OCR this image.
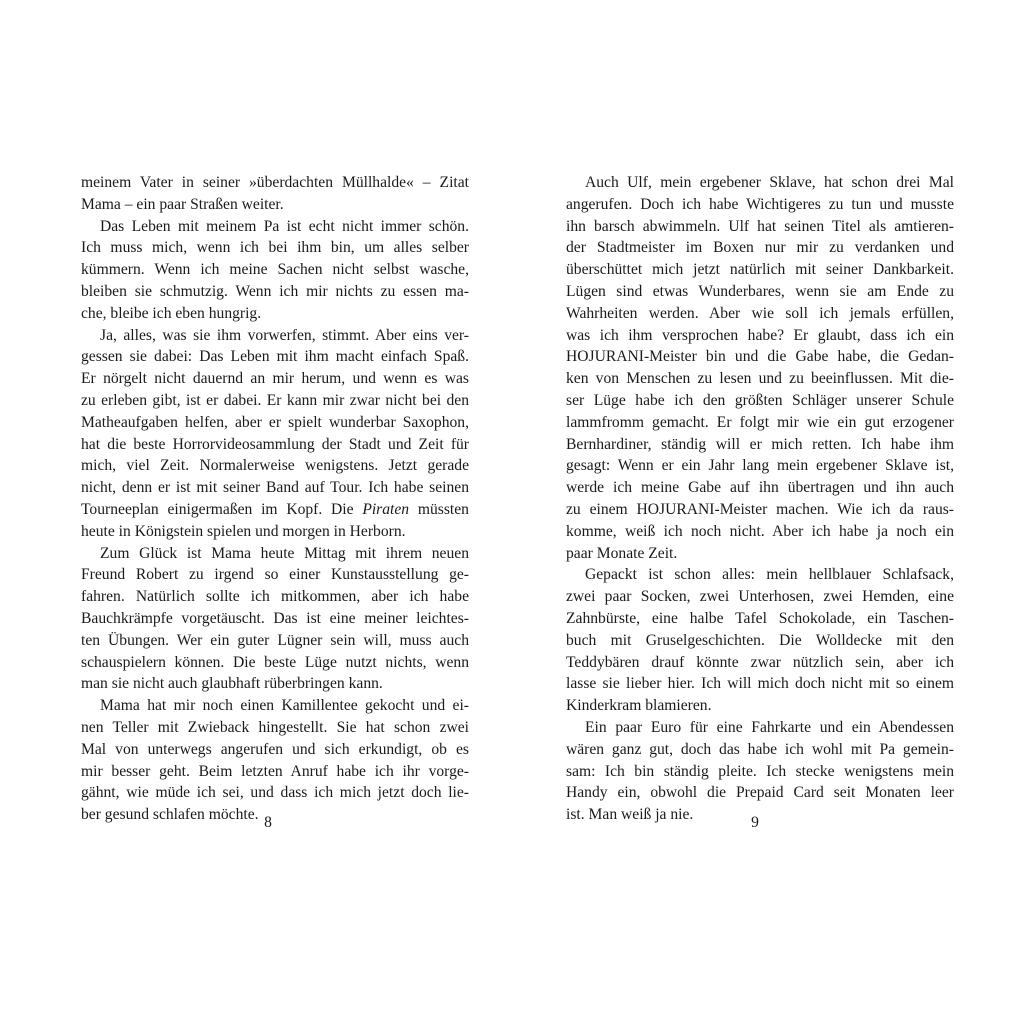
meinem Vater in seiner »überdachten Müllhalde« – Zitat
Mama – ein paar Straßen weiter.
Das Leben mit meinem Pa ist echt nicht immer schön.
Ich muss mich, wenn ich bei ihm bin, um alles selber
kümmern. Wenn ich meine Sachen nicht selbst wasche,
bleiben sie schmutzig. Wenn ich mir nichts zu essen ma-
che, bleibe ich eben hungrig.
Ja, alles, was sie ihm vorwerfen, stimmt. Aber eins ver-
gessen sie dabei: Das Leben mit ihm macht einfach Spaß.
Er nörgelt nicht dauernd an mir herum, und wenn es was
zu erleben gibt, ist er dabei. Er kann mir zwar nicht bei den
Matheaufgaben helfen, aber er spielt wunderbar Saxophon,
hat die beste Horrorvideosammlung der Stadt und Zeit für
mich, viel Zeit. Normalerweise wenigstens. Jetzt gerade
nicht, denn er ist mit seiner Band auf Tour. Ich habe seinen
Tourneeplan einigermaßen im Kopf. Die Piraten müssten
heute in Königstein spielen und morgen in Herborn.
Zum Glück ist Mama heute Mittag mit ihrem neuen
Freund Robert zu irgend so einer Kunstausstellung ge-
fahren. Natürlich sollte ich mitkommen, aber ich habe
Bauchkrämpfe vorgetäuscht. Das ist eine meiner leichtes-
ten Übungen. Wer ein guter Lügner sein will, muss auch
schauspielern können. Die beste Lüge nutzt nichts, wenn
man sie nicht auch glaubhaft rüberbringen kann.
Mama hat mir noch einen Kamillentee gekocht und ei-
nen Teller mit Zwieback hingestellt. Sie hat schon zwei
Mal von unterwegs angerufen und sich erkundigt, ob es
mir besser geht. Beim letzten Anruf habe ich ihr vorge-
gähnt, wie müde ich sei, und dass ich mich jetzt doch lie-
ber gesund schlafen möchte. 8
Auch Ulf, mein ergebener Sklave, hat schon drei Mal
angerufen. Doch ich habe Wichtigeres zu tun und musste
ihn barsch abwimmeln. Ulf hat seinen Titel als amtieren-
der Stadtmeister im Boxen nur mir zu verdanken und
überschüttet mich jetzt natürlich mit seiner Dankbarkeit.
Lügen sind etwas Wunderbares, wenn sie am Ende zu
Wahrheiten werden. Aber wie soll ich jemals erfüllen,
was ich ihm versprochen habe? Er glaubt, dass ich ein
HOJURANI-Meister bin und die Gabe habe, die Gedan-
ken von Menschen zu lesen und zu beeinflussen. Mit die-
ser Lüge habe ich den größten Schläger unserer Schule
lammfromm gemacht. Er folgt mir wie ein gut erzogener
Bernhardiner, ständig will er mich retten. Ich habe ihm
gesagt: Wenn er ein Jahr lang mein ergebener Sklave ist,
werde ich meine Gabe auf ihn übertragen und ihn auch
zu einem HOJURANI-Meister machen. Wie ich da raus-
komme, weiß ich noch nicht. Aber ich habe ja noch ein
paar Monate Zeit.
Gepackt ist schon alles: mein hellblauer Schlafsack,
zwei paar Socken, zwei Unterhosen, zwei Hemden, eine
Zahnbürste, eine halbe Tafel Schokolade, ein Taschen-
buch mit Gruselgeschichten. Die Wolldecke mit den
Teddybären drauf könnte zwar nützlich sein, aber ich
lasse sie lieber hier. Ich will mich doch nicht mit so einem
Kinderkram blamieren.
Ein paar Euro für eine Fahrkarte und ein Abendessen
wären ganz gut, doch das habe ich wohl mit Pa gemein-
sam: Ich bin ständig pleite. Ich stecke wenigstens mein
Handy ein, obwohl die Prepaid Card seit Monaten leer
ist. Man weiß ja nie.	9
